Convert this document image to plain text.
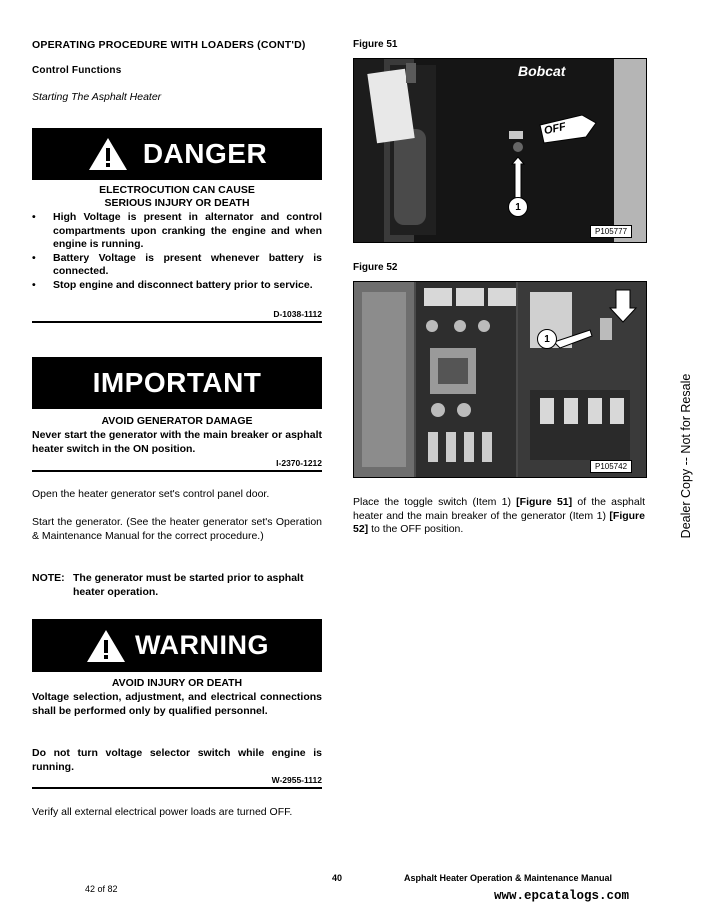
OPERATING PROCEDURE WITH LOADERS (CONT'D)
Control Functions
Starting The Asphalt Heater
DANGER
ELECTROCUTION CAN CAUSE
SERIOUS INJURY OR DEATH
• High Voltage is present in alternator and control compartments upon cranking the engine and when engine is running.
• Battery Voltage is present whenever battery is connected.
• Stop engine and disconnect battery prior to service.
D-1038-1112
IMPORTANT
AVOID GENERATOR DAMAGE
Never start the generator with the main breaker or asphalt heater switch in the ON position.
I-2370-1212
Open the heater generator set's control panel door.
Start the generator. (See the heater generator set's Operation & Maintenance Manual for the correct procedure.)
NOTE: The generator must be started prior to asphalt heater operation.
WARNING
AVOID INJURY OR DEATH
Voltage selection, adjustment, and electrical connections shall be performed only by qualified personnel.
Do not turn voltage selector switch while engine is running.
W-2955-1112
Verify all external electrical power loads are turned OFF.
Figure 51
Bobcat
OFF
1
P105777
Figure 52
1
P105742
Place the toggle switch (Item 1) [Figure 51] of the asphalt heater and the main breaker of the generator (Item 1) [Figure 52] to the OFF position.	Dealer Copy -- Not for Resale
40	Asphalt Heater Operation & Maintenance Manual
42 of 82	www.epcatalogs.com
